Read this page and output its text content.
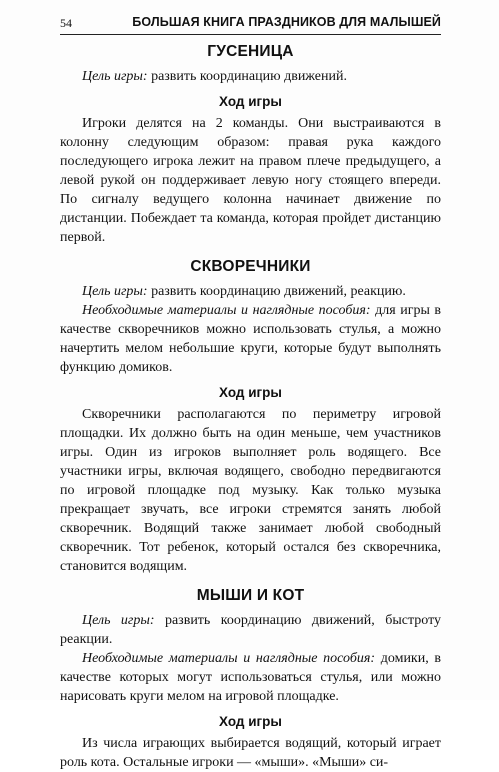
54	БОЛЬШАЯ КНИГА ПРАЗДНИКОВ ДЛЯ МАЛЫШЕЙ
ГУСЕНИЦА

Цель игры: развить координацию движений.

Ход игры

Игроки делятся на 2 команды. Они выстраиваются в колонну следующим образом: правая рука каждого последующего игрока лежит на правом плече предыдущего, а левой рукой он поддерживает левую ногу стоящего впереди. По сигналу ведущего колонна начинает движение по дистанции. Побеждает та команда, которая пройдет дистанцию первой.

СКВОРЕЧНИКИ

Цель игры: развить координацию движений, реакцию.

Необходимые материалы и наглядные пособия: для игры в качестве скворечников можно использовать стулья, а можно начертить мелом небольшие круги, которые будут выполнять функцию домиков.

Ход игры

Скворечники располагаются по периметру игровой площадки. Их должно быть на один меньше, чем участников игры. Один из игроков выполняет роль водящего. Все участники игры, включая водящего, свободно передвигаются по игровой площадке под музыку. Как только музыка прекращает звучать, все игроки стремятся занять любой скворечник. Водящий также занимает любой свободный скворечник. Тот ребенок, который остался без скворечника, становится водящим.

МЫШИ И КОТ

Цель игры: развить координацию движений, быстроту реакции.

Необходимые материалы и наглядные пособия: домики, в качестве которых могут использоваться стулья, или можно нарисовать круги мелом на игровой площадке.

Ход игры

Из числа играющих выбирается водящий, который играет роль кота. Остальные игроки — «мыши». «Мыши» си-
